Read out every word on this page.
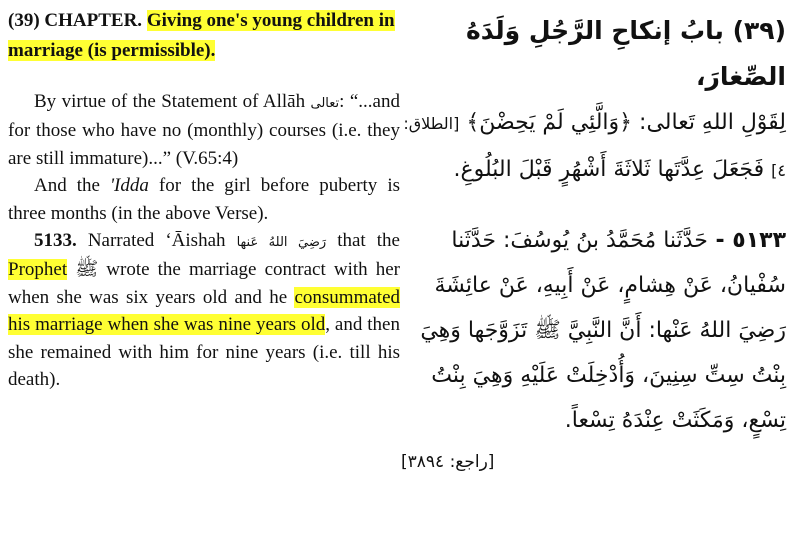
(39) CHAPTER. Giving one's young children in marriage (is permissible).

By virtue of the Statement of Allāh تعالى: “...and for those who have no (monthly) courses (i.e. they are still immature)...” (V.65:4)

And the 'Idda for the girl before puberty is three months (in the above Verse).

5133. Narrated ‘Āishah رَضِيَ اللهُ عَنها that the Prophet ﷺ wrote the marriage contract with her when she was six years old and he consummated his marriage when she was nine years old, and then she remained with him for nine years (i.e. till his death).

(٣٩) بابُ إنكاحِ الرَّجُلِ وَلَدَهُ الصِّغارَ،

لِقَوْلِ اللهِ تَعالى: ﴿وَالَّئِي لَمْ يَحِضْنَ﴾ [الطلاق: ٤] فَجَعَلَ عِدَّتَها ثَلاثَةَ أَشْهُرٍ قَبْلَ البُلُوغِ.

٥١٣٣ - حَدَّثَنا مُحَمَّدُ بنُ يُوسُفَ: حَدَّثَنا سُفْيانُ، عَنْ هِشامٍ، عَنْ أَبِيهِ، عَنْ عائِشَةَ رَضِيَ اللهُ عَنْها: أَنَّ النَّبِيَّ ﷺ تَزَوَّجَها وَهِيَ بِنْتُ سِتِّ سِنِينَ، وَأُدْخِلَتْ عَلَيْهِ وَهِيَ بِنْتُ تِسْعٍ، وَمَكَثَتْ عِنْدَهُ تِسْعاً.

[راجع: ٣٨٩٤]
